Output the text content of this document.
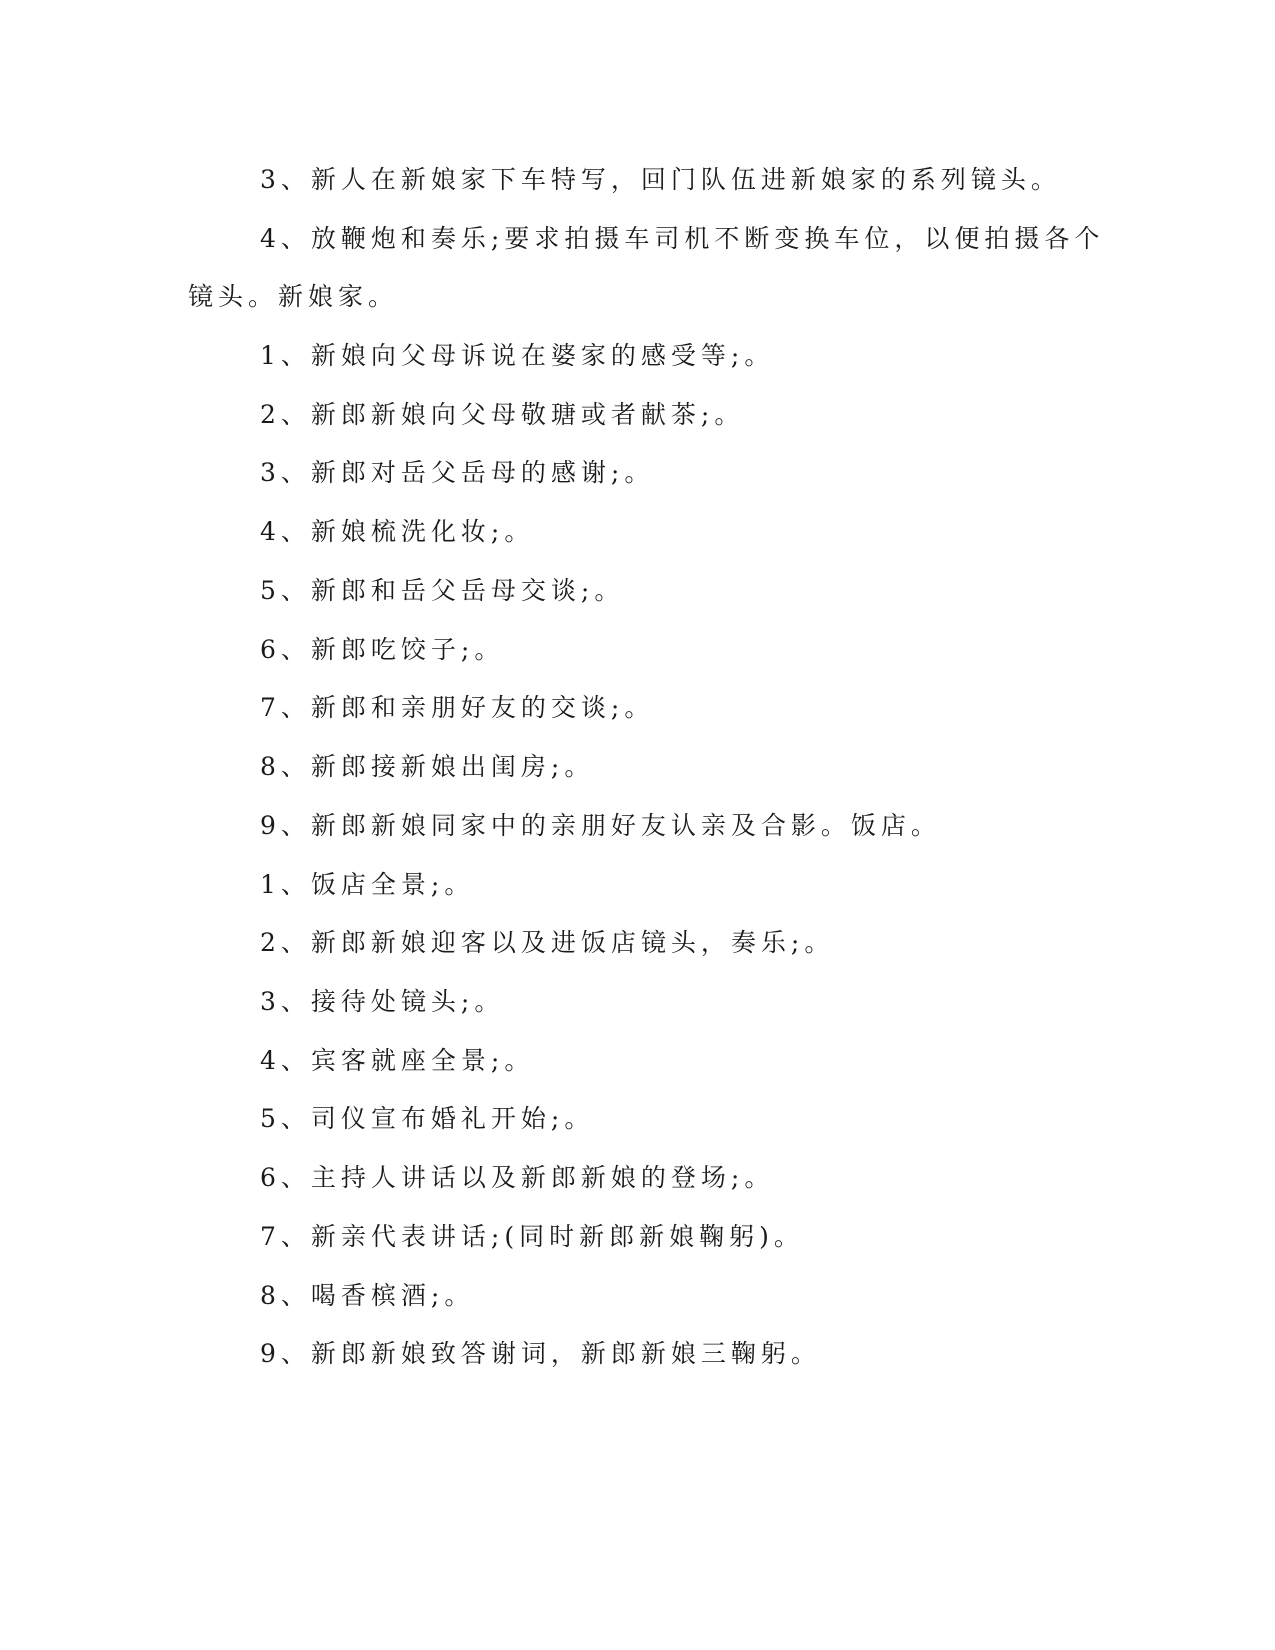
3、新人在新娘家下车特写，回门队伍进新娘家的系列镜头。

4、放鞭炮和奏乐;要求拍摄车司机不断变换车位，以便拍摄各个

镜头。新娘家。

1、新娘向父母诉说在婆家的感受等;。

2、新郎新娘向父母敬瑭或者献茶;。

3、新郎对岳父岳母的感谢;。

4、新娘梳洗化妆;。

5、新郎和岳父岳母交谈;。

6、新郎吃饺子;。

7、新郎和亲朋好友的交谈;。

8、新郎接新娘出闺房;。

9、新郎新娘同家中的亲朋好友认亲及合影。饭店。

1、饭店全景;。

2、新郎新娘迎客以及进饭店镜头，奏乐;。

3、接待处镜头;。

4、宾客就座全景;。

5、司仪宣布婚礼开始;。

6、主持人讲话以及新郎新娘的登场;。

7、新亲代表讲话;(同时新郎新娘鞠躬)。

8、喝香槟酒;。

9、新郎新娘致答谢词，新郎新娘三鞠躬。
